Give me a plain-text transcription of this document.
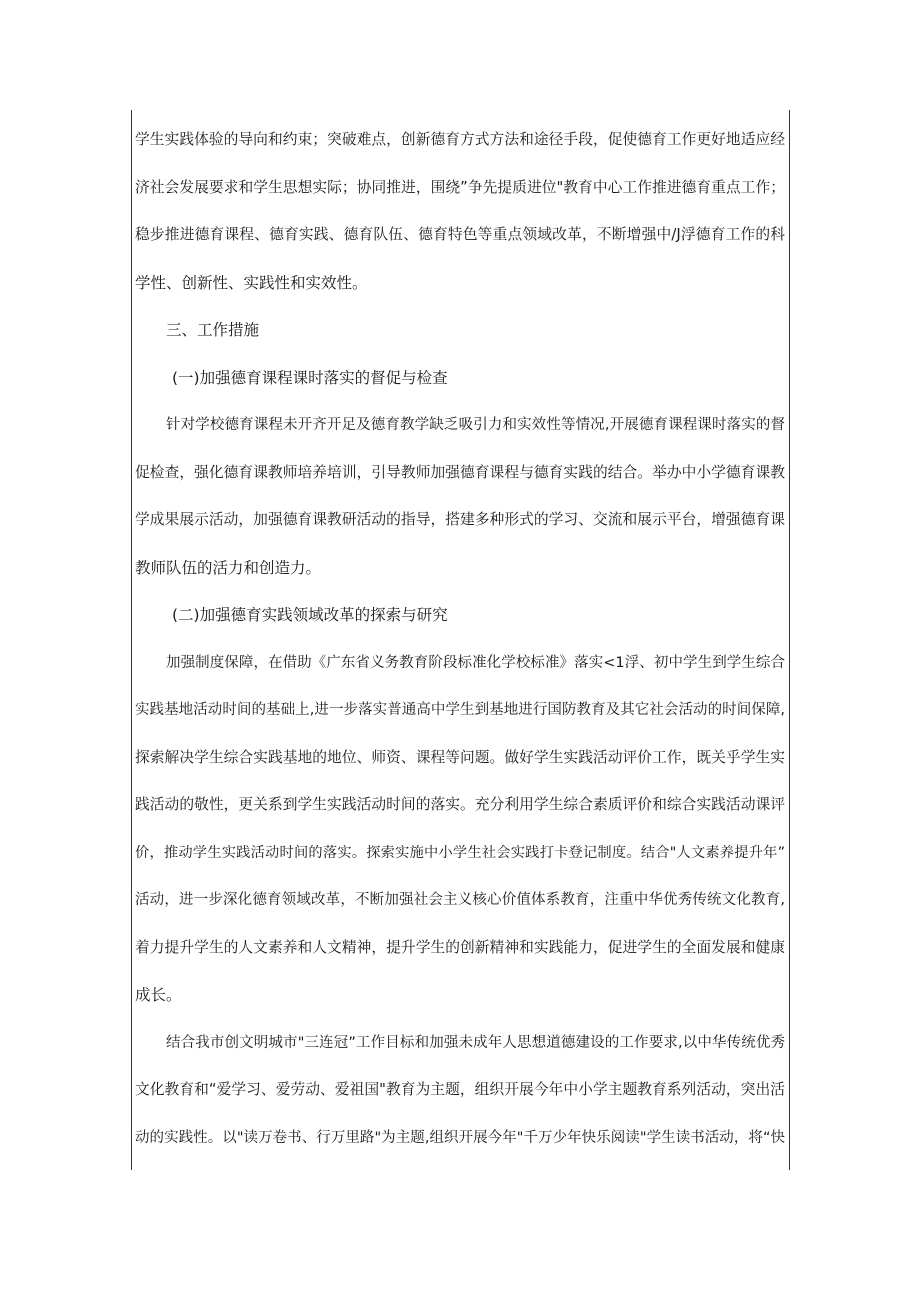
学生实践体验的导向和约束；突破难点，创新德育方式方法和途径手段，促使德育工作更好地适应经
济社会发展要求和学生思想实际；协同推进，围绕”争先提质进位"教育中心工作推进德育重点工作；
稳步推进德育课程、德育实践、德育队伍、德育特色等重点领域改革，不断增强中/J浮德育工作的科
学性、创新性、实践性和实效性。
三、工作措施
(一)加强德育课程课时落实的督促与检查
针对学校德育课程未开齐开足及德育教学缺乏吸引力和实效性等情况,开展德育课程课时落实的督
促检查，强化德育课教师培养培训，引导教师加强德育课程与德育实践的结合。举办中小学德育课教
学成果展示活动，加强德育课教研活动的指导，搭建多种形式的学习、交流和展示平台，增强德育课
教师队伍的活力和创造力。
(二)加强德育实践领域改革的探索与研究
加强制度保障，在借助《广东省义务教育阶段标准化学校标准》落实<1浮、初中学生到学生综合
实践基地活动时间的基础上,进一步落实普通高中学生到基地进行国防教育及其它社会活动的时间保障,
探索解决学生综合实践基地的地位、师资、课程等问题。做好学生实践活动评价工作，既关乎学生实
践活动的敬性，更关系到学生实践活动时间的落实。充分利用学生综合素质评价和综合实践活动课评
价，推动学生实践活动时间的落实。探索实施中小学生社会实践打卡登记制度。结合"人文素养提升年”
活动，进一步深化德育领域改革，不断加强社会主义核心价值体系教育，注重中华优秀传统文化教育,
着力提升学生的人文素养和人文精神，提升学生的创新精神和实践能力，促进学生的全面发展和健康
成长。
结合我市创文明城市"三连冠”工作目标和加强未成年人思想道德建设的工作要求,以中华传统优秀
文化教育和“爱学习、爱劳动、爱祖国"教育为主题，组织开展今年中小学主题教育系列活动，突出活
动的实践性。以"读万卷书、行万里路"为主题,组织开展今年"千万少年快乐阅读"学生读书活动，将“快
